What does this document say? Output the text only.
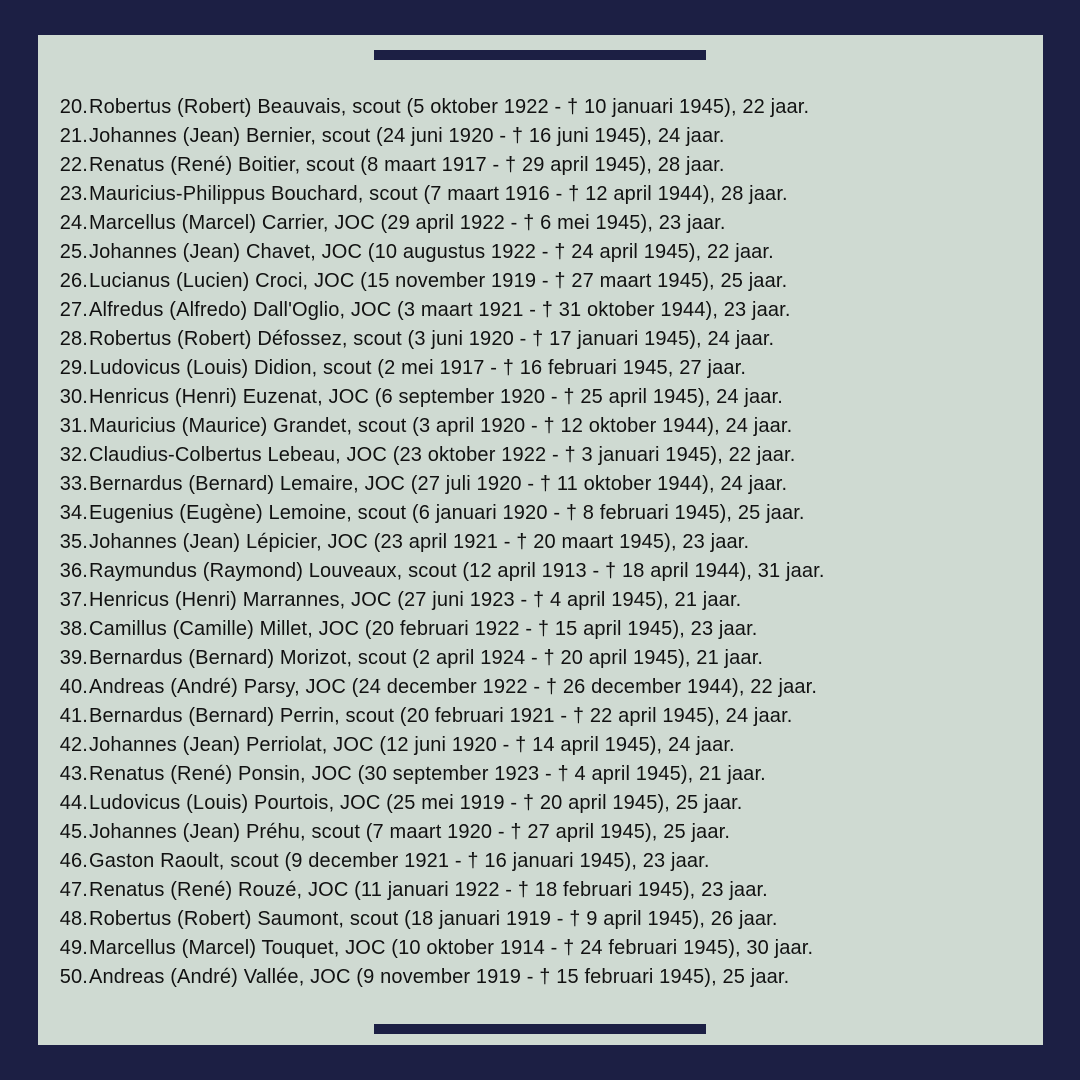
20. Robertus (Robert) Beauvais, scout (5 oktober 1922 - † 10 januari 1945), 22 jaar.
21. Johannes (Jean) Bernier, scout (24 juni 1920 - † 16 juni 1945), 24 jaar.
22. Renatus (René) Boitier, scout (8 maart 1917 - † 29 april 1945), 28 jaar.
23. Mauricius-Philippus Bouchard, scout (7 maart 1916 - † 12 april 1944), 28 jaar.
24. Marcellus (Marcel) Carrier, JOC (29 april 1922 - † 6 mei 1945), 23 jaar.
25. Johannes (Jean) Chavet, JOC (10 augustus 1922 - † 24 april 1945), 22 jaar.
26. Lucianus (Lucien) Croci, JOC (15 november 1919 - † 27 maart 1945), 25 jaar.
27. Alfredus (Alfredo) Dall'Oglio, JOC (3 maart 1921 - † 31 oktober 1944), 23 jaar.
28. Robertus (Robert) Défossez, scout (3 juni 1920 - † 17 januari 1945), 24 jaar.
29. Ludovicus (Louis) Didion, scout (2 mei 1917 - † 16 februari 1945, 27 jaar.
30. Henricus (Henri) Euzenat, JOC (6 september 1920 - † 25 april 1945), 24 jaar.
31. Mauricius (Maurice) Grandet, scout (3 april 1920 - † 12 oktober 1944), 24 jaar.
32. Claudius-Colbertus Lebeau, JOC (23 oktober 1922 - † 3 januari 1945), 22 jaar.
33. Bernardus (Bernard) Lemaire, JOC (27 juli 1920 - † 11 oktober 1944), 24 jaar.
34. Eugenius (Eugène) Lemoine, scout (6 januari 1920 - † 8 februari 1945), 25 jaar.
35. Johannes (Jean) Lépicier, JOC (23 april 1921 - † 20 maart 1945), 23 jaar.
36. Raymundus (Raymond) Louveaux, scout (12 april 1913 - † 18 april 1944), 31 jaar.
37. Henricus (Henri) Marrannes, JOC (27 juni 1923 - † 4 april 1945), 21 jaar.
38. Camillus (Camille) Millet, JOC (20 februari 1922 - † 15 april 1945), 23 jaar.
39. Bernardus (Bernard) Morizot, scout (2 april 1924 - † 20 april 1945), 21 jaar.
40. Andreas (André) Parsy, JOC (24 december 1922 - † 26 december 1944), 22 jaar.
41. Bernardus (Bernard) Perrin, scout (20 februari 1921 - † 22 april 1945), 24 jaar.
42. Johannes (Jean) Perriolat, JOC (12 juni 1920 - † 14 april 1945), 24 jaar.
43. Renatus (René) Ponsin, JOC (30 september 1923 - † 4 april 1945), 21 jaar.
44. Ludovicus (Louis) Pourtois, JOC (25 mei 1919 - † 20 april 1945), 25 jaar.
45. Johannes (Jean) Préhu, scout (7 maart 1920 - † 27 april 1945), 25 jaar.
46. Gaston Raoult, scout (9 december 1921 - † 16 januari 1945), 23 jaar.
47. Renatus (René) Rouzé, JOC (11 januari 1922 - † 18 februari 1945), 23 jaar.
48. Robertus (Robert) Saumont, scout (18 januari 1919 - † 9 april 1945), 26 jaar.
49. Marcellus (Marcel) Touquet, JOC (10 oktober 1914 - † 24 februari 1945), 30 jaar.
50. Andreas (André) Vallée, JOC (9 november 1919 - † 15 februari 1945), 25 jaar.
